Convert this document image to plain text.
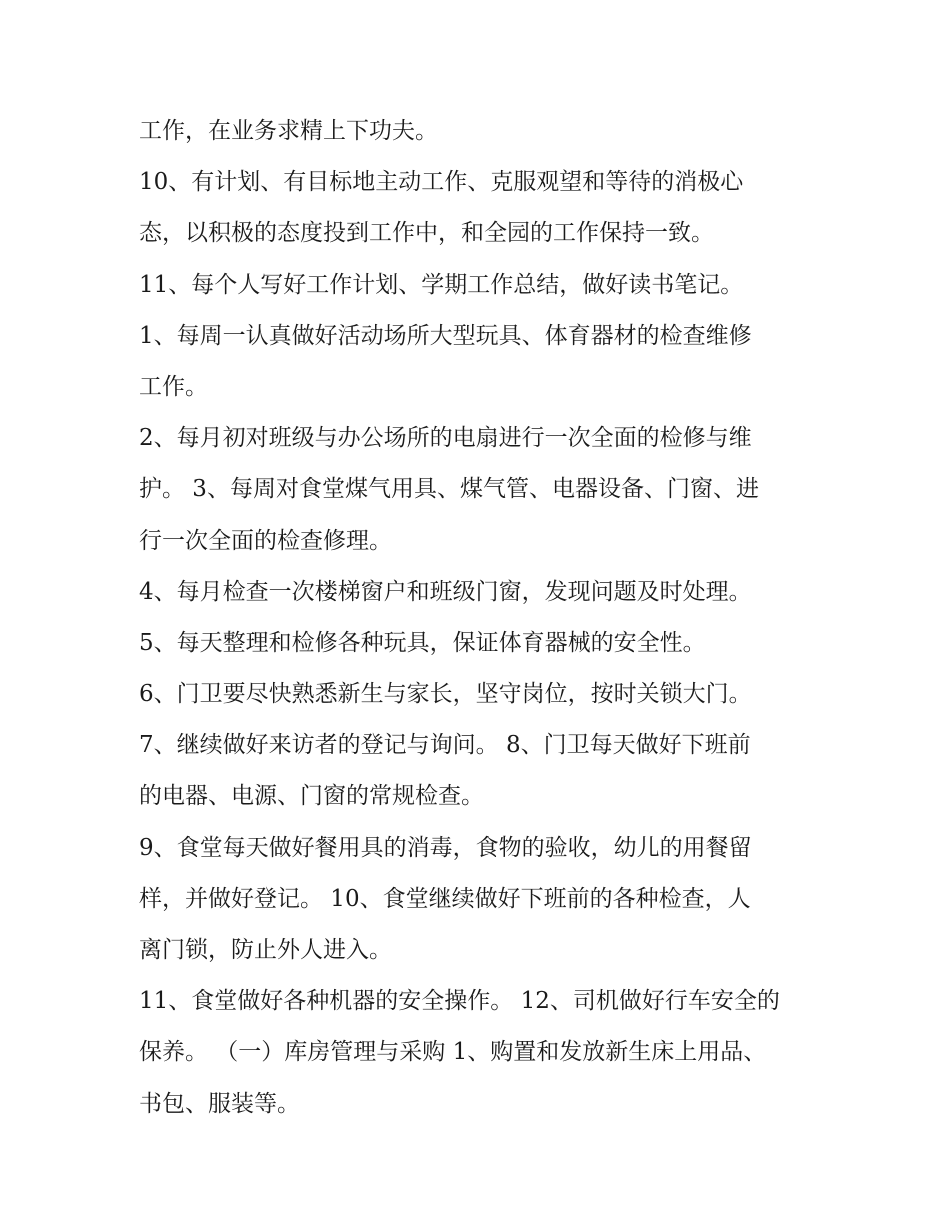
工作，在业务求精上下功夫。
10、有计划、有目标地主动工作、克服观望和等待的消极心
态，以积极的态度投到工作中，和全园的工作保持一致。
11、每个人写好工作计划、学期工作总结，做好读书笔记。
1、每周一认真做好活动场所大型玩具、体育器材的检查维修
工作。
2、每月初对班级与办公场所的电扇进行一次全面的检修与维
护。 3、每周对食堂煤气用具、煤气管、电器设备、门窗、进
行一次全面的检查修理。
4、每月检查一次楼梯窗户和班级门窗，发现问题及时处理。
5、每天整理和检修各种玩具，保证体育器械的安全性。
6、门卫要尽快熟悉新生与家长，坚守岗位，按时关锁大门。
7、继续做好来访者的登记与询问。 8、门卫每天做好下班前
的电器、电源、门窗的常规检查。
9、食堂每天做好餐用具的消毒，食物的验收，幼儿的用餐留
样，并做好登记。 10、食堂继续做好下班前的各种检查，人
离门锁，防止外人进入。
11、食堂做好各种机器的安全操作。 12、司机做好行车安全的
保养。 （一）库房管理与采购 1、购置和发放新生床上用品、
书包、服装等。
